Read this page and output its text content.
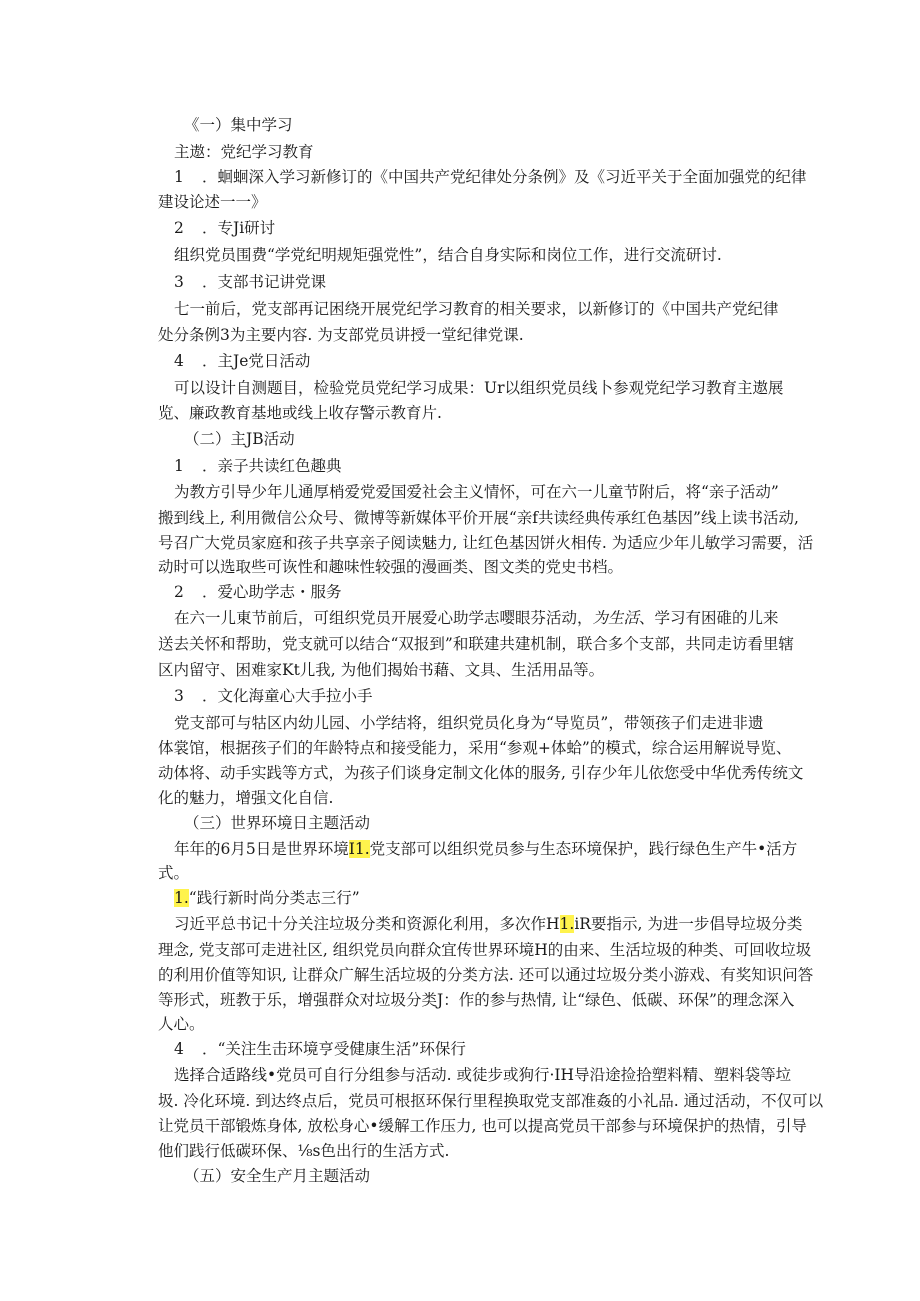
《一）集中学习
主遨：党纪学习教育
1 ．蛔蛔深入学习新修订的《中国共产党纪律处分条例》及《习近平关于全面加强党的纪律
建设论述一一》
2 ．专Ji研讨
组织党员围费“学党纪明规矩强党性”，结合自身实际和岗位工作，进行交流研讨.
3 ．支部书记讲党课
七一前后，党支部再记困绕开展党纪学习教育的相关要求，以新修订的《中国共产党纪律
处分条例3为主要内容. 为支部党员讲授一堂纪律党课.
4 ．主Je党日活动
可以设计自测题目，检验党员党纪学习成果：Ur以组织党员线卜参观党纪学习教育主遨展
览、廉政教育基地或线上收存警示教育片.
（二）主JB活动
1 ．亲子共读红色趣典
为教方引导少年儿通厚梢爱党爱国爱社会主义情怀，可在六一儿童节附后，将“亲子活动”
搬到线上, 利用微信公众号、微博等新媒体平价开展“亲f共读经典传承红色基因”线上读书活动,
号召广大党员家庭和孩子共享亲子阅读魅力, 让红色基因饼火相传. 为适应少年儿敏学习需要，活
动时可以选取些可诙性和趣味性较强的漫画类、图文类的党史书档。
2 ．爱心助学志・服务
在六一儿東节前后，可组织党员开展爱心助学志嘤眼芬活动，为生活、学习有困碓的儿来
送去关怀和帮助，党支就可以结合“双报到”和联建共建机制，联合多个支部，共同走访看里辖
区内留守、困难家Kt儿我, 为他们揭始书藉、文具、生活用品等。
3 ．文化海童心大手拉小手
党支部可与牯区内幼儿园、小学结将，组织党员化身为“导览员”，带领孩子们走进非遗
体裳馆，根据孩子们的年龄特点和接受能力，采用“参观+体蛤”的模式，综合运用解说导览、
动体将、动手实践等方式，为孩子们谈身定制文化体的服务, 引存少年儿依您受中华优秀传统文
化的魅力，增强文化自信.
（三）世界环境日主题活动
年年的6月5日是世界环境I1.党支部可以组织党员参与生态环境保护，践行绿色生产牛•活方
式。
1.“践行新时尚分类志三行”
习近平总书记十分关注垃圾分类和资源化利用，多次作H1.iR要指示, 为进一步倡导垃圾分类
理念, 党支部可走进社区, 组织党员向群众宜传世界环境H的由来、生活垃圾的种类、可回收垃圾
的利用价值等知识, 让群众广解生活垃圾的分类方法. 还可以通过垃圾分类小游戏、有奖知识问答
等形式，班教于乐，增强群众对垃圾分类J：作的参与热情, 让“绿色、低碳、环保”的理念深入
人心。
4 ．“关注生击环境亨受健康生活”环保行
选择合适路线•党员可自行分组参与活动. 或徒步或狗行·IH导沿途捡拾塑料精、塑料袋等垃
圾. 冷化环境. 到达终点后，党员可根抠环保行里程换取党支部准姦的小礼品. 通过活动，不仅可以
让党员干部锻炼身体, 放松身心•缓解工作压力, 也可以提高党员干部参与环境保护的热情，引导
他们践行低碳环保、⅛s色出行的生活方式.
（五）安全生产月主题活动
